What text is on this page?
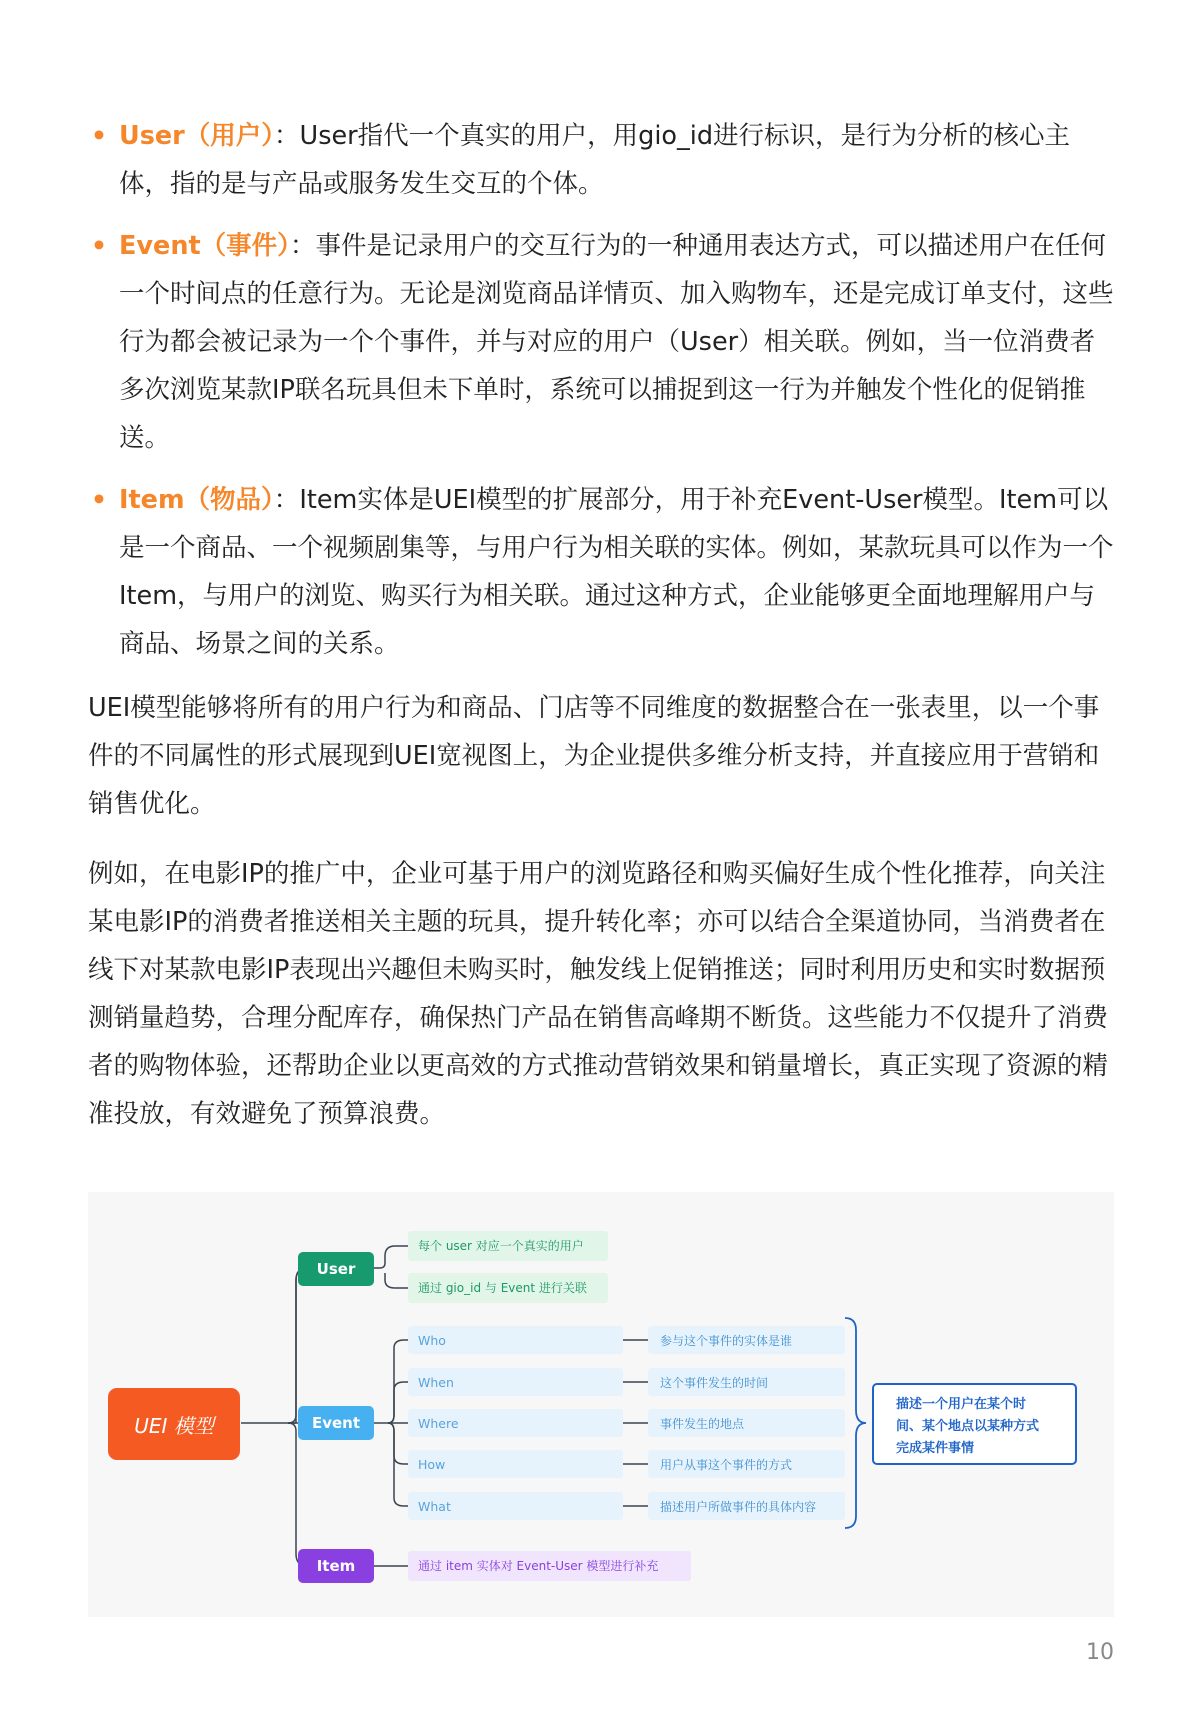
• User（用户）：User指代一个真实的用户，用gio_id进行标识，是行为分析的核心主体，指的是与产品或服务发生交互的个体。
• Event（事件）：事件是记录用户的交互行为的一种通用表达方式，可以描述用户在任何一个时间点的任意行为。无论是浏览商品详情页、加入购物车，还是完成订单支付，这些行为都会被记录为一个个事件，并与对应的用户（User）相关联。例如，当一位消费者多次浏览某款IP联名玩具但未下单时，系统可以捕捉到这一行为并触发个性化的促销推送。
• Item（物品）：Item实体是UEI模型的扩展部分，用于补充Event-User模型。Item可以是一个商品、一个视频剧集等，与用户行为相关联的实体。例如，某款玩具可以作为一个Item，与用户的浏览、购买行为相关联。通过这种方式，企业能够更全面地理解用户与商品、场景之间的关系。

UEI模型能够将所有的用户行为和商品、门店等不同维度的数据整合在一张表里，以一个事件的不同属性的形式展现到UEI宽视图上，为企业提供多维分析支持，并直接应用于营销和销售优化。

例如，在电影IP的推广中，企业可基于用户的浏览路径和购买偏好生成个性化推荐，向关注某电影IP的消费者推送相关主题的玩具，提升转化率；亦可以结合全渠道协同，当消费者在线下对某款电影IP表现出兴趣但未购买时，触发线上促销推送；同时利用历史和实时数据预测销量趋势，合理分配库存，确保热门产品在销售高峰期不断货。这些能力不仅提升了消费者的购物体验，还帮助企业以更高效的方式推动营销效果和销量增长，真正实现了资源的精准投放，有效避免了预算浪费。

UEI 模型
User
每个 user 对应一个真实的用户
通过 gio_id 与 Event 进行关联
Event
Who	参与这个事件的实体是谁
When	这个事件发生的时间
Where	事件发生的地点
How	用户从事这个事件的方式
What	描述用户所做事件的具体内容
描述一个用户在某个时
间、某个地点以某种方式
完成某件事情
Item	通过 item 实体对 Event-User 模型进行补充
10
